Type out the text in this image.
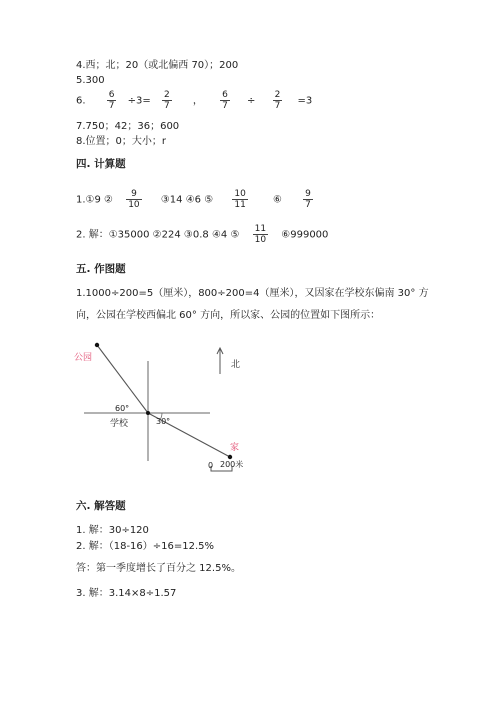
4.西；北；20（或北偏西 70）；200
5.300
6. $\frac{6}{7} \div 3= \frac{2}{7}$ ， $\frac{6}{7} \div \frac{2}{7} =3$
7.750；42；36；600
8.位置；0；大小；r
四. 计算题
1.①9 ② $\frac{9}{10}$ ③14 ④6 ⑤ $\frac{10}{11}$	⑥ $\frac{9}{7}$
2. 解：①35000 ②224 ③0.8 ④4 ⑤ $\frac{11}{10}$ ⑥999000
五. 作图题
1.1000÷200=5（厘米），800÷200=4（厘米），又因家在学校东偏南 30° 方
向，公园在学校西偏北 60° 方向，所以家、公园的位置如下图所示：
公园
学校
家
北
60°
30°
0 200米
六. 解答题
1. 解：30÷120
2. 解：（18-16）÷16=12.5%
答：第一季度增长了百分之 12.5%。
3. 解：3.14×8÷1.57
